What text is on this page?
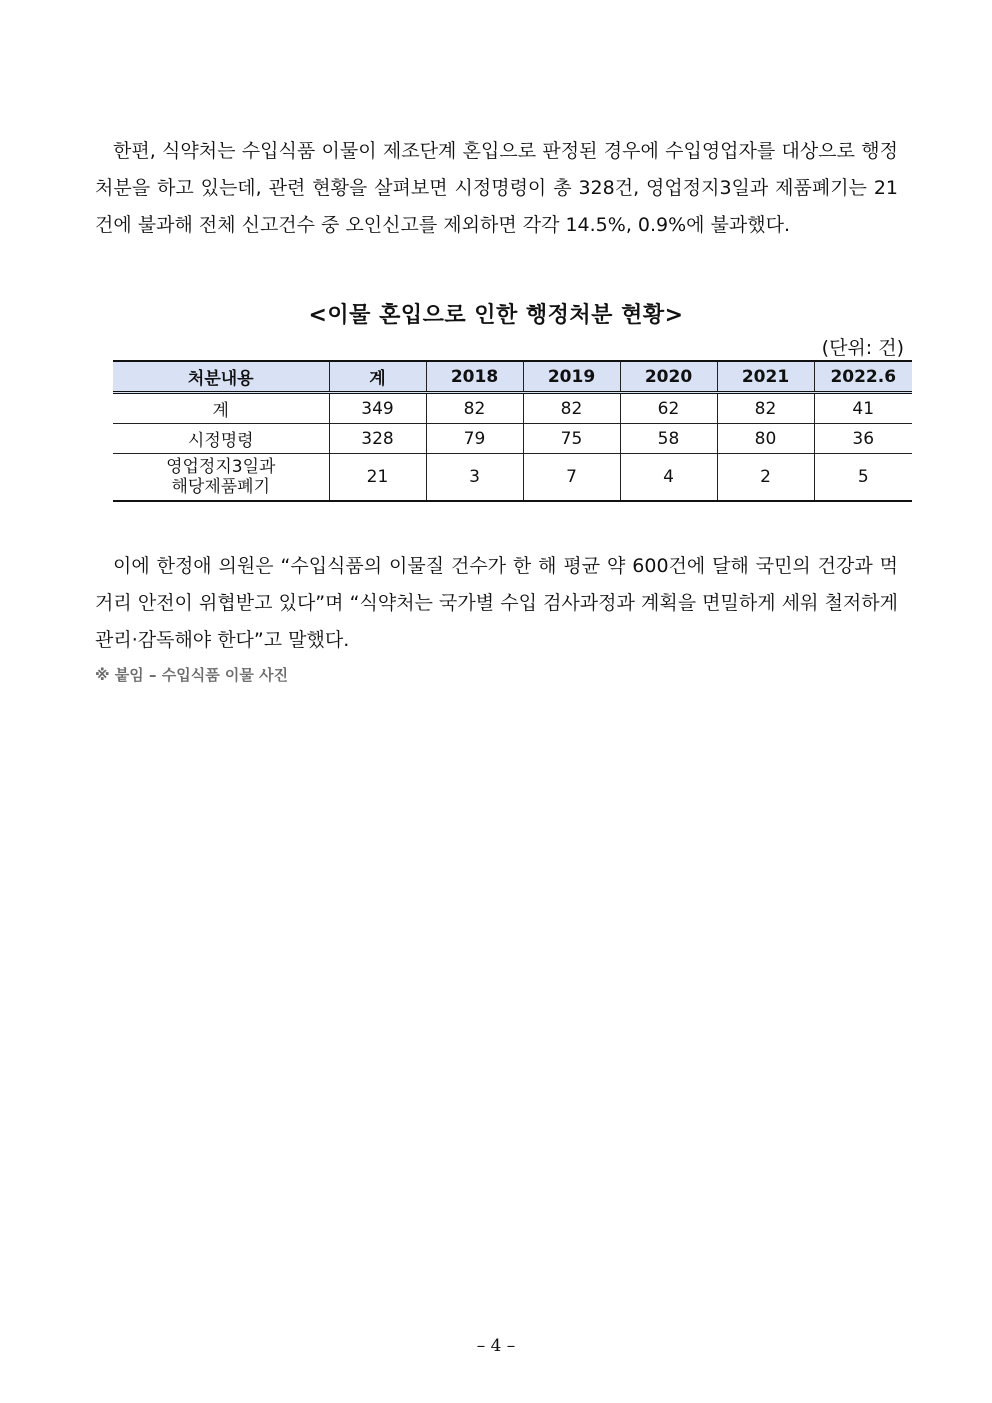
한편, 식약처는 수입식품 이물이 제조단계 혼입으로 판정된 경우에 수입영업자를 대상으로 행정처분을 하고 있는데, 관련 현황을 살펴보면 시정명령이 총 328건, 영업정지3일과 제품폐기는 21건에 불과해 전체 신고건수 중 오인신고를 제외하면 각각 14.5%, 0.9%에 불과했다.

<이물 혼입으로 인한 행정처분 현황>
(단위: 건)
처분내용	계	2018	2019	2020	2021	2022.6
계	349	82	82	62	82	41
시정명령	328	79	75	58	80	36
영업정지3일과
해당제품폐기	21	3	7	4	2	5

이에 한정애 의원은 “수입식품의 이물질 건수가 한 해 평균 약 600건에 달해 국민의 건강과 먹거리 안전이 위협받고 있다”며 “식약처는 국가별 수입 검사과정과 계획을 면밀하게 세워 철저하게 관리·감독해야 한다”고 말했다.

※ 붙임 – 수입식품 이물 사진
– 4 –
